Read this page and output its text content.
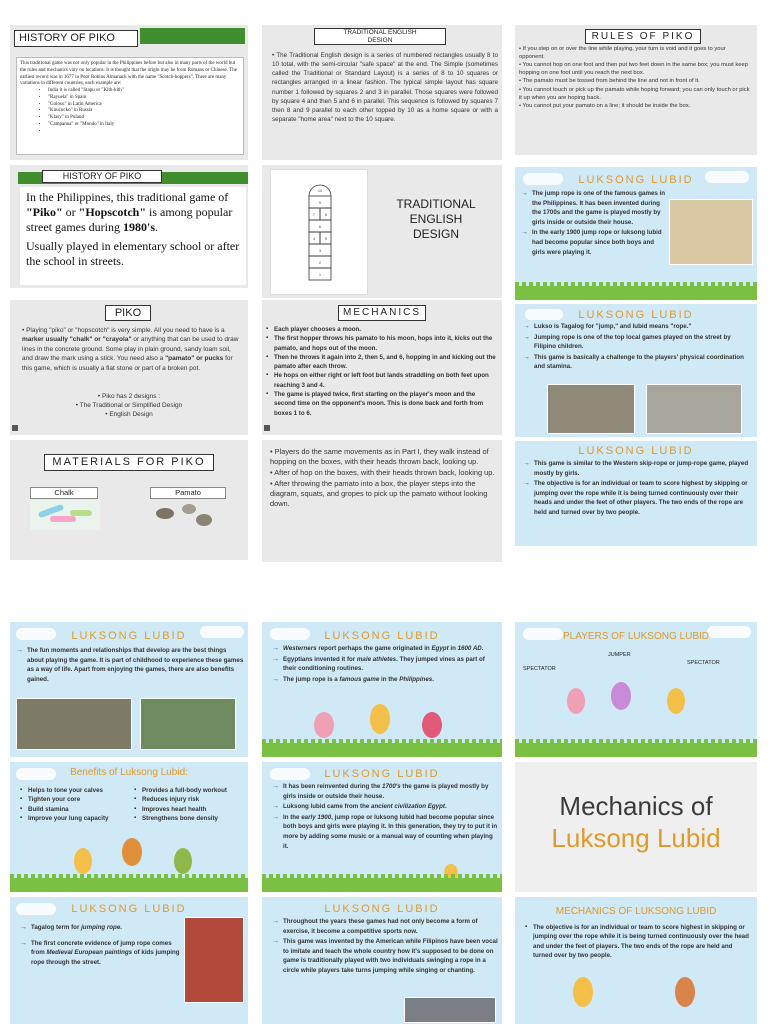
HISTORY OF PIKO

This traditional game was not only popular in the Philippines before but also in many parts of the world but the rules and mechanics vary on locations. It is thought that the origin may be from Romans or Chinese. The earliest record was in 1677 in Poor Robins Almanack with the name "Scotch-hoppers". There are many variations in different countries, each example are:

• India it is called "Stapu or "Kith-kith"
• "Rayuela" in Spain
• "Golosu" in Latin America
• "Knucucko" in Russia
• "Klasy" in Poland
• "Campanna" or "Mondo" in Italy
•
TRADITIONAL ENGLISH
DESIGN

• The Traditional English design is a series of numbered rectangles usually 8 to 10 total, with the semi-circular "safe space" at the end. The Simple (sometimes called the Traditional or Standard Layout) is a series of 8 to 10 squares or rectangles arranged in a linear fashion. The typical simple layout has square number 1 followed by squares 2 and 3 in parallel. Those squares were followed by square 4 and then 5 and 6 in parallel. This sequence is followed by squares 7 then 8 and 9 parallel to each other topped by 10 as a home square or with a separate "home area" next to the 10 square.

RULES OF PIKO
• If you step on or over the line while playing, your turn is void and it goes to your opponent.
• You cannot hop on one foot and then put two feet down in the same box; you must keep hopping on one foot until you reach the next box.
• The pamato must be tossed from behind the line and not in front of it.
• You cannot touch or pick up the pamato while hoping forward; you can only touch or pick it up when you are hoping back.
• You cannot put your pamato on a line; it should be inside the box.
HISTORY OF PIKO

In the Philippines, this traditional game of "Piko" or "Hopscotch" is among popular street games during 1980's.

Usually played in elementary school or after the school in streets.

10
9
7	8
6
4	5
3
2
1
TRADITIONAL
ENGLISH
DESIGN
LUKSONG LUBID
→ The jump rope is one of the famous games in the Philippines. It has been invented during the 1700s and the game is played mostly by girls inside or outside their house.
→ In the early 1900 jump rope or luksong lubid had become popular since both boys and girls were playing it.
PIKO

• Playing "piko" or "hopscotch" is very simple. All you need to have is a marker usually "chalk" or "crayola" or anything that can be used to draw lines in the concrete ground. Some play in plain ground, sandy loam soil, and draw the mark using a stick. You need also a "pamato" or pucks for this game, which is usually a flat stone or part of a broken pot.

• Piko has 2 designs :
• The Traditional or Simplified Design
• English Design
MECHANICS
▪ Each player chooses a moon.
▪ The first hopper throws his pamato to his moon, hops into it, kicks out the pamato, and hops out of the moon.
▪ Then he throws it again into 2, then 5, and 6, hopping in and kicking out the pamato after each throw.
▪ He hops on either right or left foot but lands straddling on both feet upon reaching 3 and 4.
▪ The game is played twice, first starting on the player's moon and the second time on the opponent's moon. This is done back and forth from boxes 1 to 6.
LUKSONG LUBID
→ Lukso is Tagalog for "jump," and lubid means "rope."
→ Jumping rope is one of the top local games played on the street by Filipino children.
→ This game is basically a challenge to the players' physical coordination and stamina.
MATERIALS FOR PIKO
Chalk	Pamato
• Players do the same movements as in Part I, they walk instead of hopping on the boxes, with their heads thrown back, looking up.
• After of hop on the boxes, with their heads thrown back, looking up.
• After throwing the pamato into a box, the player steps into the diagram, squats, and gropes to pick up the pamato without looking down.
LUKSONG LUBID
→ This game is similar to the Western skip-rope or jump-rope game, played mostly by girls.
→ The objective is for an individual or team to score highest by skipping or jumping over the rope while it is being turned continuously over their heads and under the feet of other players. The two ends of the rope are held and turned over by two people.
LUKSONG LUBID
→ The fun moments and relationships that develop are the best things about playing the game. It is part of childhood to experience these games as a way of life. Apart from enjoying the games, there are also benefits gained.
LUKSONG LUBID
→ Westerners report perhaps the game originated in Egypt in 1600 AD.
→ Egyptians invented it for male athletes. They jumped vines as part of their conditioning routines.
→ The jump rope is a famous game in the Philippines.
PLAYERS OF LUKSONG LUBID
JUMPER
SPECTATOR
SPECTATOR
Benefits of Luksong Lubid:
▪ Helps to tone your calves
▪ Tighten your core
▪ Build stamina
▪ Improve your lung capacity
▪ Provides a full-body workout
▪ Reduces injury risk
▪ Improves heart health
▪ Strengthens bone density
LUKSONG LUBID
→ It has been reinvented during the 1700's the game is played mostly by girls inside or outside their house.
→ Luksong lubid came from the ancient civilization Egypt.
→ In the early 1900, jump rope or luksong lubid had become popular since both boys and girls were playing it. In this generation, they try to put it in more by adding some music or a manual way of counting when playing it.
Mechanics of
Luksong Lubid
LUKSONG LUBID
→ Tagalog term for jumping rope.
→ The first concrete evidence of jump rope comes from Medieval European paintings of kids jumping rope through the street.
LUKSONG LUBID
→ Throughout the years these games had not only become a form of exercise, it become a competitive sports now.
→ This game was invented by the American while Filipinos have been vocal to imitate and teach the whole country how it's supposed to be done on game is traditionally played with two individuals swinging a rope in a circle while players take turns jumping while singing or chanting.
MECHANICS OF LUKSONG LUBID
▪ The objective is for an individual or team to score highest in skipping or jumping over the rope while it is being turned continuously over the head and under the feet of players. The two ends of the rope are held and turned over by two people.
